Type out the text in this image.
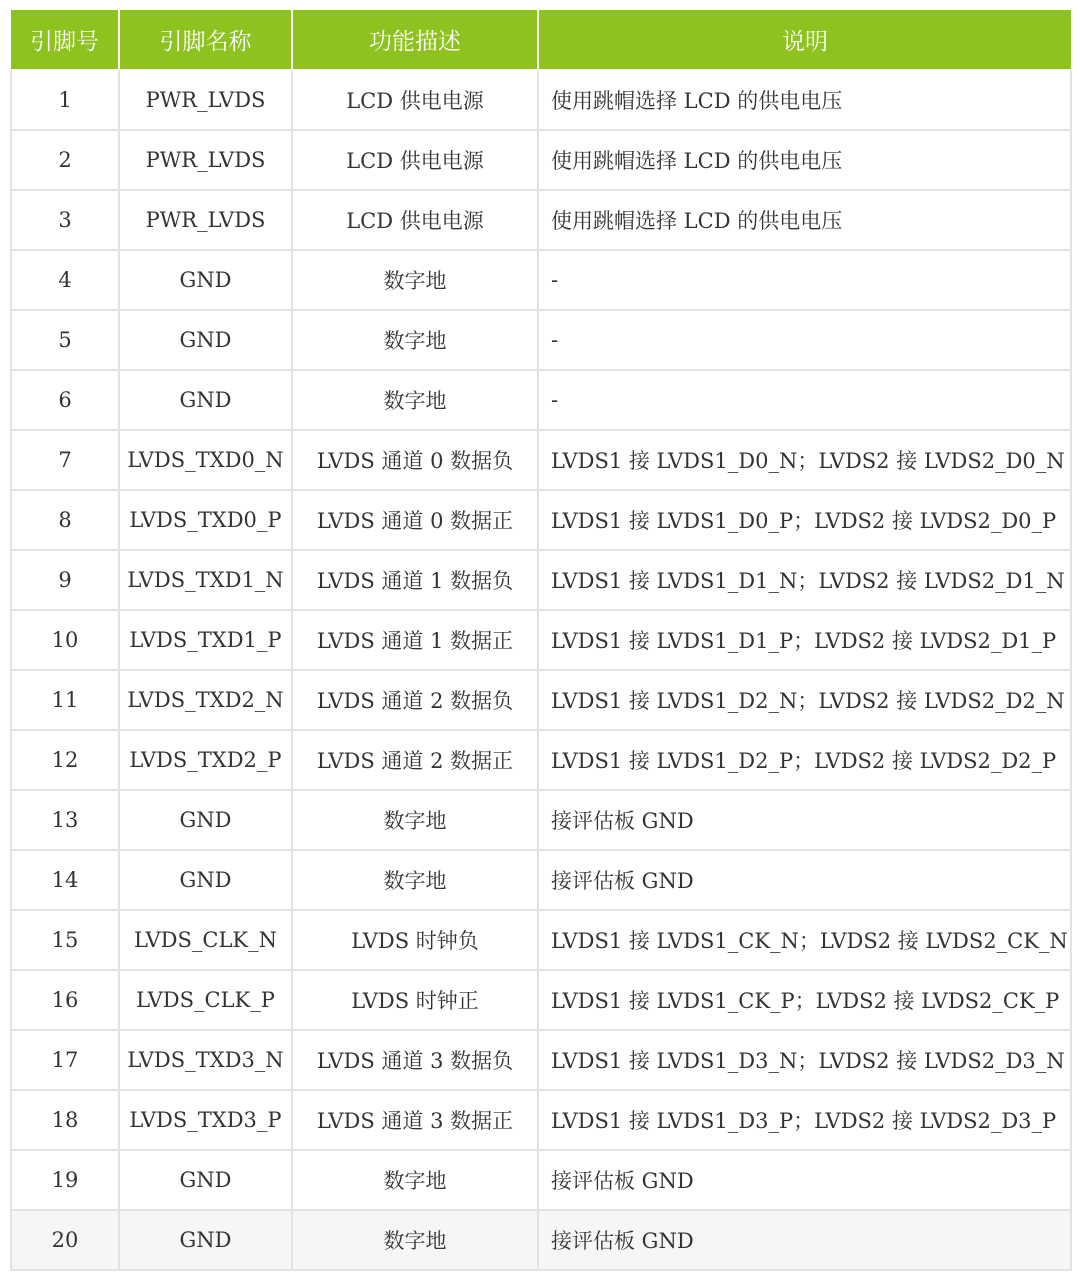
引脚号	引脚名称	功能描述	说明
1	PWR_LVDS	LCD 供电电源	使用跳帽选择 LCD 的供电电压
2	PWR_LVDS	LCD 供电电源	使用跳帽选择 LCD 的供电电压
3	PWR_LVDS	LCD 供电电源	使用跳帽选择 LCD 的供电电压
4	GND	数字地	-
5	GND	数字地	-
6	GND	数字地	-
7	LVDS_TXD0_N	LVDS 通道 0 数据负	LVDS1 接 LVDS1_D0_N；LVDS2 接 LVDS2_D0_N
8	LVDS_TXD0_P	LVDS 通道 0 数据正	LVDS1 接 LVDS1_D0_P；LVDS2 接 LVDS2_D0_P
9	LVDS_TXD1_N	LVDS 通道 1 数据负	LVDS1 接 LVDS1_D1_N；LVDS2 接 LVDS2_D1_N
10	LVDS_TXD1_P	LVDS 通道 1 数据正	LVDS1 接 LVDS1_D1_P；LVDS2 接 LVDS2_D1_P
11	LVDS_TXD2_N	LVDS 通道 2 数据负	LVDS1 接 LVDS1_D2_N；LVDS2 接 LVDS2_D2_N
12	LVDS_TXD2_P	LVDS 通道 2 数据正	LVDS1 接 LVDS1_D2_P；LVDS2 接 LVDS2_D2_P
13	GND	数字地	接评估板 GND
14	GND	数字地	接评估板 GND
15	LVDS_CLK_N	LVDS 时钟负	LVDS1 接 LVDS1_CK_N；LVDS2 接 LVDS2_CK_N
16	LVDS_CLK_P	LVDS 时钟正	LVDS1 接 LVDS1_CK_P；LVDS2 接 LVDS2_CK_P
17	LVDS_TXD3_N	LVDS 通道 3 数据负	LVDS1 接 LVDS1_D3_N；LVDS2 接 LVDS2_D3_N
18	LVDS_TXD3_P	LVDS 通道 3 数据正	LVDS1 接 LVDS1_D3_P；LVDS2 接 LVDS2_D3_P
19	GND	数字地	接评估板 GND
20	GND	数字地	接评估板 GND
